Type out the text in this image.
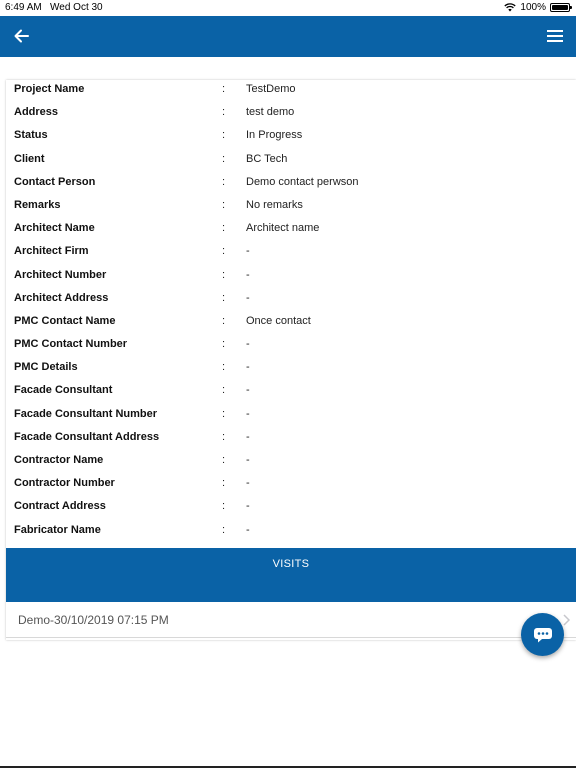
6:49 AM Wed Oct 30	100%
Project Name	: TestDemo
Address	: test demo
Status	: In Progress
Client	: BC Tech
Contact Person	: Demo contact perwson
Remarks	: No remarks
Architect Name	: Architect name
Architect Firm	: -
Architect Number	: -
Architect Address	: -
PMC Contact Name	: Once contact
PMC Contact Number	: -
PMC Details	: -
Facade Consultant	: -
Facade Consultant Number	: -
Facade Consultant Address	: -
Contractor Name	: -
Contractor Number	: -
Contract Address	: -
Fabricator Name	: -
VISITS
Demo-30/10/2019 07:15 PM
